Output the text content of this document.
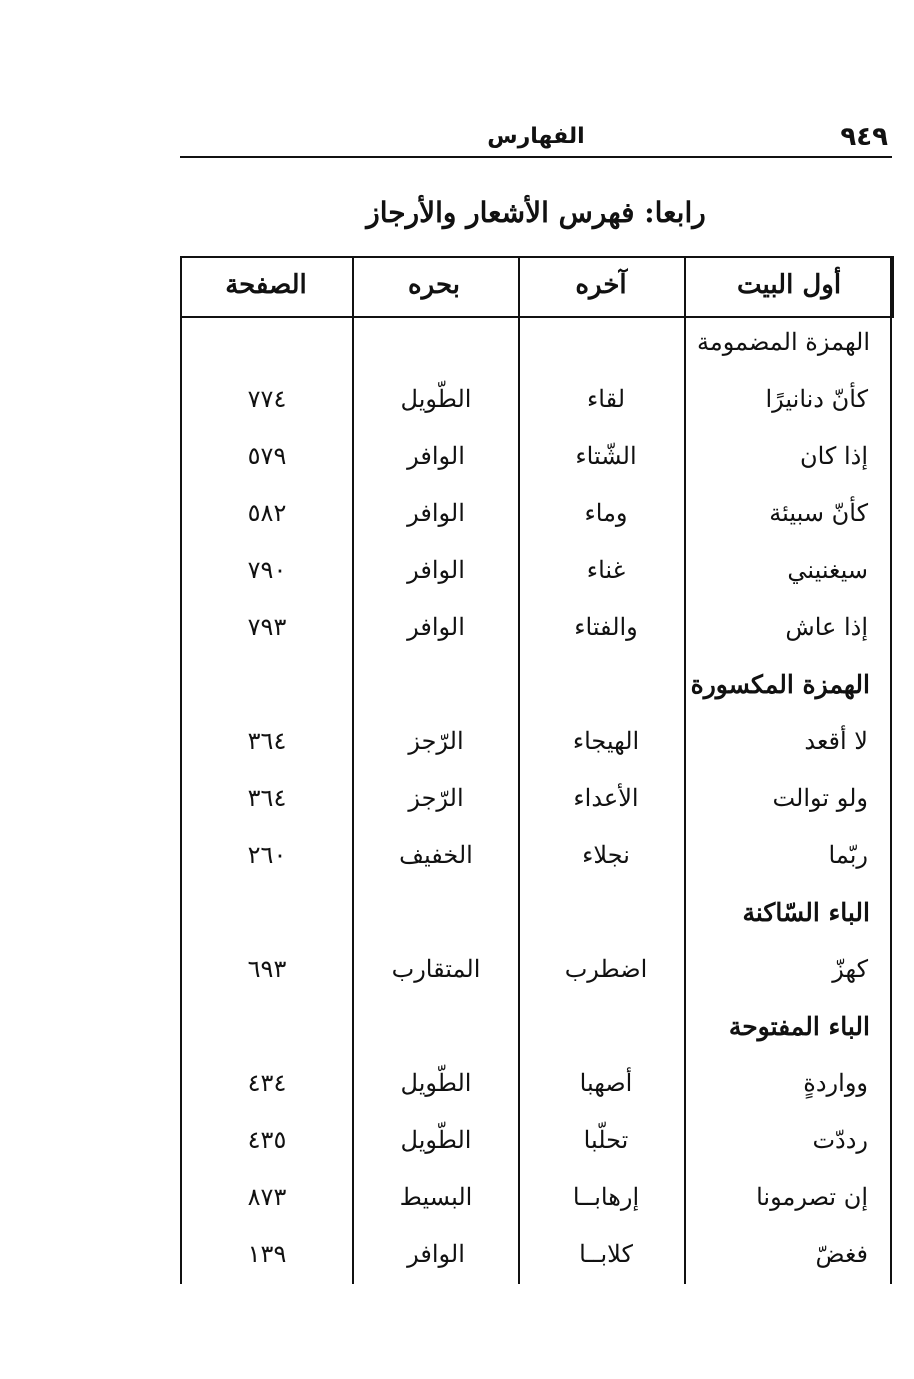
٩٤٩
الفهارس
رابعا: فهرس الأشعار والأرجاز
أول البيت
آخره
بحره
الصفحة
الهمزة المضمومة
كأنّ دنانيرًا
لقاء
الطّويل
٧٧٤
إذا كان
الشّتاء
الوافر
٥٧٩
كأنّ سبيئة
وماء
الوافر
٥٨٢
سيغنيني
غناء
الوافر
٧٩٠
إذا عاش
والفتاء
الوافر
٧٩٣
الهمزة المكسورة
لا أقعد
الهيجاء
الرّجز
٣٦٤
ولو توالت
الأعداء
الرّجز
٣٦٤
ربّما
نجلاء
الخفيف
٢٦٠
الباء السّاكنة
كهزّ
اضطرب
المتقارب
٦٩٣
الباء المفتوحة
وواردةٍ
أصهبا
الطّويل
٤٣٤
رددّت
تحلّبا
الطّويل
٤٣٥
إن تصرمونا
إرهابــا
البسيط
٨٧٣
فغضّ
كلابــا
الوافر
١٣٩
